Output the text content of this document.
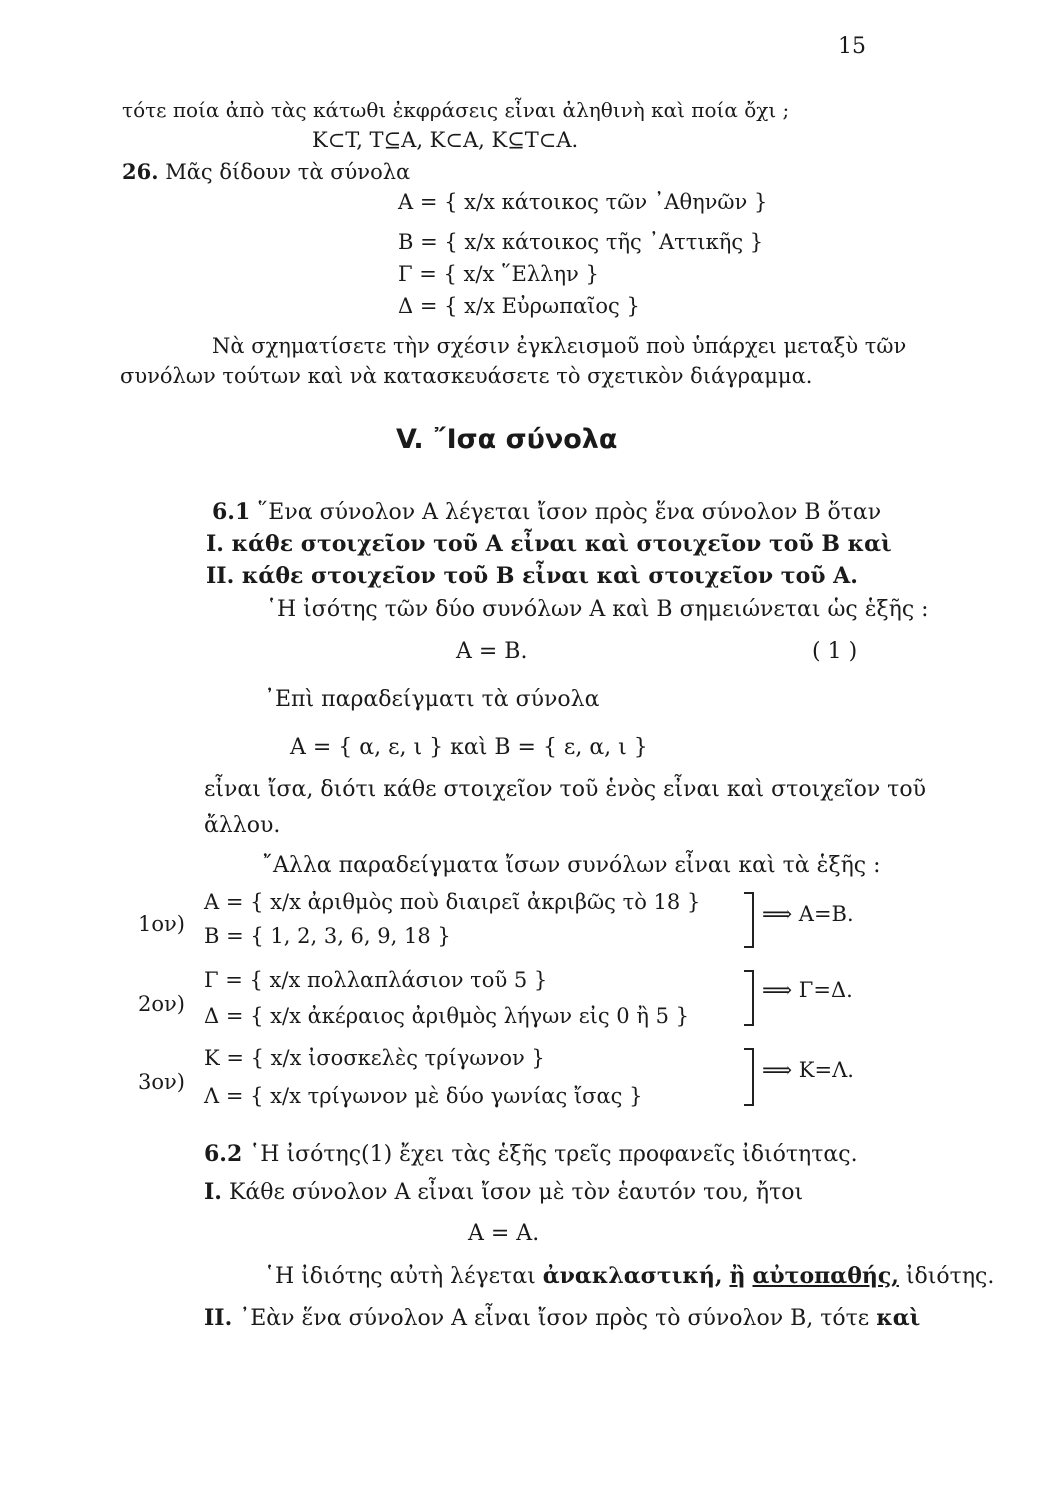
15
τότε ποία ἀπὸ τὰς κάτωθι ἐκφράσεις εἶναι ἀληθινὴ καὶ ποία ὄχι ;
K⊂T, T⊆A, K⊂A, K⊆T⊂A.
26. Μᾶς δίδουν τὰ σύνολα
A = { x/x κάτοικος τῶν ᾿Αθηνῶν }
B = { x/x κάτοικος τῆς ᾿Αττικῆς }
Γ = { x/x ῞Ελλην }
Δ = { x/x Εὐρωπαῖος }
Νὰ σχηματίσετε τὴν σχέσιν ἐγκλεισμοῦ ποὺ ὑπάρχει μεταξὺ τῶν
συνόλων τούτων καὶ νὰ κατασκευάσετε τὸ σχετικὸν διάγραμμα.
V. ῎Ισα σύνολα
6.1 ῞Ενα σύνολον A λέγεται ἴσον πρὸς ἕνα σύνολον B ὅταν
I. κάθε στοιχεῖον τοῦ A εἶναι καὶ στοιχεῖον τοῦ B καὶ
II. κάθε στοιχεῖον τοῦ B εἶναι καὶ στοιχεῖον τοῦ A.
῾Η ἰσότης τῶν δύο συνόλων A καὶ B σημειώνεται ὡς ἑξῆς :
A = B.	( 1 )
᾿Επὶ παραδείγματι τὰ σύνολα
A = { α, ε, ι } καὶ B = { ε, α, ι }
εἶναι ἴσα, διότι κάθε στοιχεῖον τοῦ ἑνὸς εἶναι καὶ στοιχεῖον τοῦ
ἄλλου.
῎Αλλα παραδείγματα ἴσων συνόλων εἶναι καὶ τὰ ἑξῆς :
1ον)
A = { x/x ἀριθμὸς ποὺ διαιρεῖ ἀκριβῶς τὸ 18 }
B = { 1, 2, 3, 6, 9, 18 }
⟹ A=B.
2ον)
Γ = { x/x πολλαπλάσιον τοῦ 5 }
Δ = { x/x ἀκέραιος ἀριθμὸς λήγων εἰς 0 ἢ 5 }
⟹ Γ=Δ.
3ον)
K = { x/x ἰσοσκελὲς τρίγωνον }
Λ = { x/x τρίγωνον μὲ δύο γωνίας ἴσας }
⟹ K=Λ.
6.2 ῾Η ἰσότης(1) ἔχει τὰς ἑξῆς τρεῖς προφανεῖς ἰδιότητας.
I. Κάθε σύνολον A εἶναι ἴσον μὲ τὸν ἑαυτόν του, ἤτοι
A = A.
῾Η ἰδιότης αὐτὴ λέγεται ἀνακλαστική, ἢ αὐτοπαθής, ἰδιότης.
II. ᾿Εὰν ἕνα σύνολον A εἶναι ἴσον πρὸς τὸ σύνολον B, τότε καὶ
